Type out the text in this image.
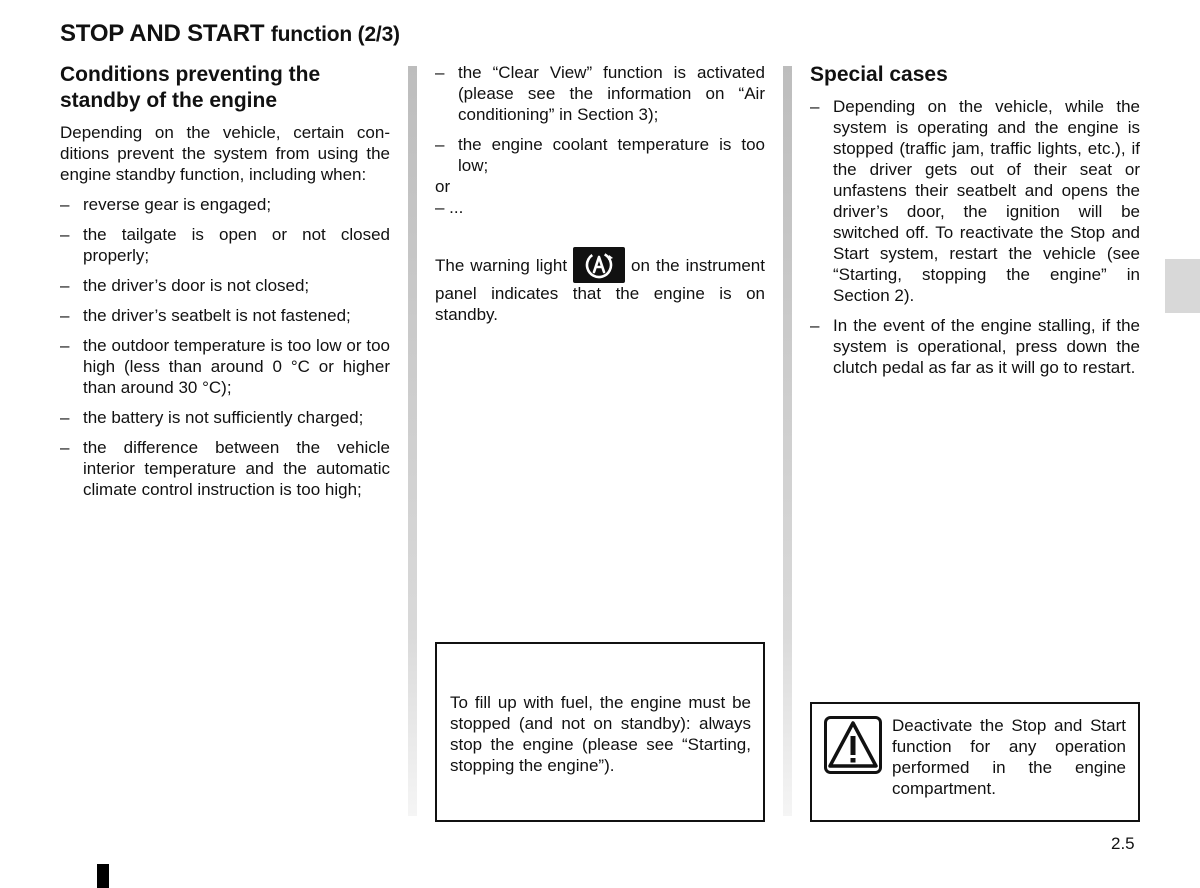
STOP AND START function (2/3)
Conditions preventing the standby of the engine

Depending on the vehicle, certain conditions prevent the system from using the engine standby function, including when:

– reverse gear is engaged;
– the tailgate is open or not closed properly;
– the driver’s door is not closed;
– the driver’s seatbelt is not fastened;
– the outdoor temperature is too low or too high (less than around 0 °C or higher than around 30 °C);
– the battery is not sufficiently charged;
– the difference between the vehicle interior temperature and the automatic climate control instruction is too high;
– the “Clear View” function is activated (please see the information on “Air conditioning” in Section 3);
– the engine coolant temperature is too low;

or

– ...

The warning light	on the instrument panel indicates that the engine is on standby.

Special cases
– Depending on the vehicle, while the system is operating and the engine is stopped (traffic jam, traffic lights, etc.), if the driver gets out of their seat or unfastens their seatbelt and opens the driver’s door, the ignition will be switched off. To reactivate the Stop and Start system, restart the vehicle (see “Starting, stopping the engine” in Section 2).
– In the event of the engine stalling, if the system is operational, press down the clutch pedal as far as it will go to restart.

To fill up with fuel, the engine must be stopped (and not on standby): always stop the engine (please see “Starting, stopping the engine”).

Deactivate the Stop and Start function for any operation performed in the engine compartment.

2.5
